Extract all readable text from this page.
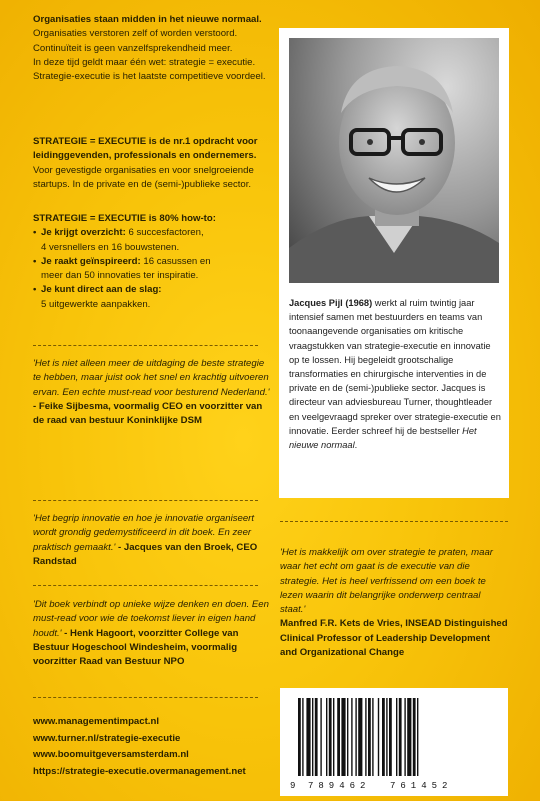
Organisaties staan midden in het nieuwe normaal.

Organisaties verstoren zelf of worden verstoord.
Continuïteit is geen vanzelfsprekendheid meer.
In deze tijd geldt maar één wet: strategie = executie.
Strategie-executie is het laatste competitieve voordeel.

STRATEGIE = EXECUTIE is de nr.1 opdracht voor leidinggevenden, professionals en ondernemers.

Voor gevestigde organisaties en voor snelgroeiende startups. In de private en de (semi-)publieke sector.

STRATEGIE = EXECUTIE is 80% how-to:

• Je krijgt overzicht: 6 succesfactoren,
4 versnellers en 16 bouwstenen.
• Je raakt geïnspireerd: 16 casussen en
meer dan 50 innovaties ter inspiratie.
• Je kunt direct aan de slag:
5 uitgewerkte aanpakken.
'Het is niet alleen meer de uitdaging de beste strategie te hebben, maar juist ook het snel en krachtig uitvoeren ervan. Een echte must-read voor besturend Nederland.' - Feike Sijbesma, voormalig CEO en voorzitter van de raad van bestuur Koninklijke DSM
'Het begrip innovatie en hoe je innovatie organiseert wordt grondig gedemystificeerd in dit boek. En zeer praktisch gemaakt.' - Jacques van den Broek, CEO Randstad
'Dit boek verbindt op unieke wijze denken en doen. Een must-read voor wie de toekomst liever in eigen hand houdt.' - Henk Hagoort, voorzitter College van Bestuur Hogeschool Windesheim, voormalig voorzitter Raad van Bestuur NPO
www.managementimpact.nl
www.turner.nl/strategie-executie
www.boomuitgeversamsterdam.nl
https://strategie-executie.overmanagement.net
Jacques Pijl (1968) werkt al ruim twintig jaar intensief samen met bestuurders en teams van toonaangevende organisaties om kritische vraagstukken van strategie-executie en innovatie op te lossen. Hij begeleidt grootschalige transformaties en chirurgische interventies in de private en de (semi-)publieke sector. Jacques is directeur van adviesbureau Turner, thoughtleader en veelgevraagd spreker over strategie-executie en innovatie. Eerder schreef hij de bestseller Het nieuwe normaal.
'Het is makkelijk om over strategie te praten, maar waar het echt om gaat is de executie van die strategie. Het is heel verfrissend om een boek te lezen waarin dit belangrijke onderwerp centraal staat.'
Manfred F.R. Kets de Vries, INSEAD Distinguished Clinical Professor of Leadership Development and Organizational Change
9 789462 761452
